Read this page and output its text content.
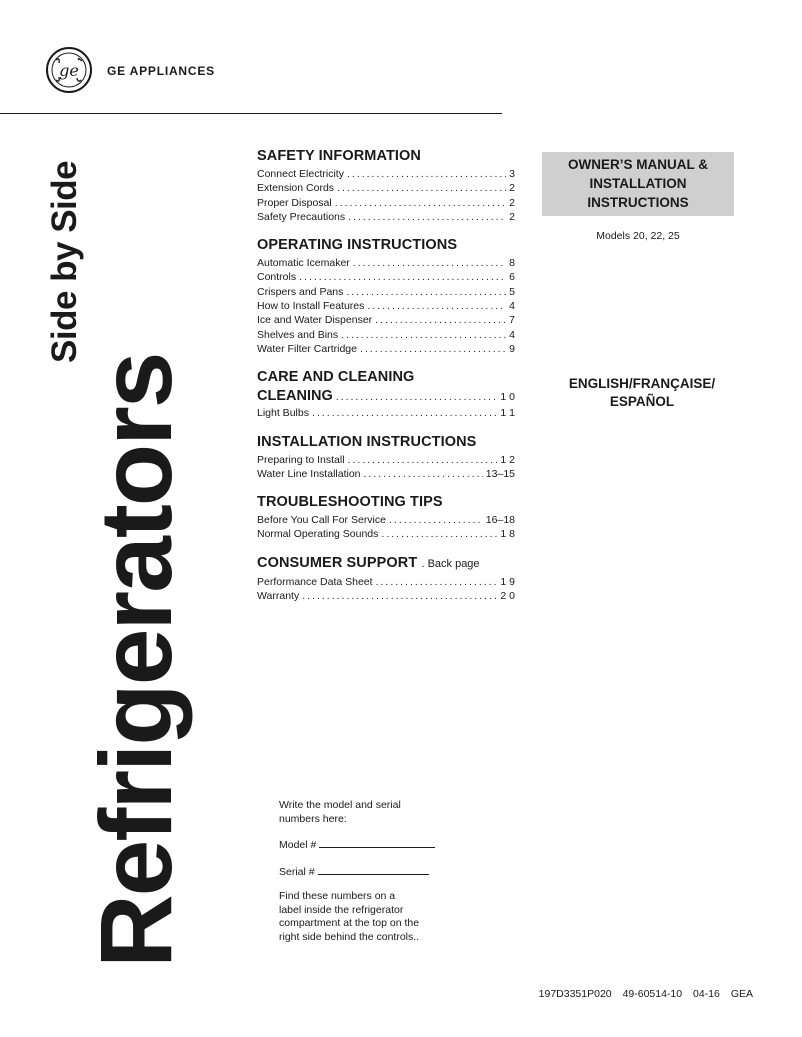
ge GE APPLIANCES
Refrigerators
Side by Side
SAFETY INFORMATION
Connect Electricity .....	3
Extension Cords .....	2
Proper Disposal .....	2
Safety Precautions .....	2
OPERATING INSTRUCTIONS
Automatic Icemaker .....	8
Controls .....	6
Crispers and Pans .....	5
How to Install Features .....	4
Ice and Water Dispenser .....	7
Shelves and Bins .....	4
Water Filter Cartridge .....	9
CARE AND CLEANING
CLEANING .....	1 0
Light Bulbs .....	1 1
INSTALLATION INSTRUCTIONS
Preparing to Install .....	1 2
Water Line Installation .....	13–15
TROUBLESHOOTING TIPS
Before You Call For Service .....	16–18
Normal Operating Sounds .....	1 8
CONSUMER SUPPORT . Back page
Performance Data Sheet .....	1 9
Warranty .....	2 0
OWNER’S MANUAL &
INSTALLATION
INSTRUCTIONS
Models 20, 22, 25
ENGLISH/FRANÇAISE/
ESPAÑOL

Write the model and serial

numbers here:

Model #

Serial #

Find these numbers on a

label inside the refrigerator

compartment at the top on the

right side behind the controls..

197D3351P020 49-60514-10 04-16 GEA
